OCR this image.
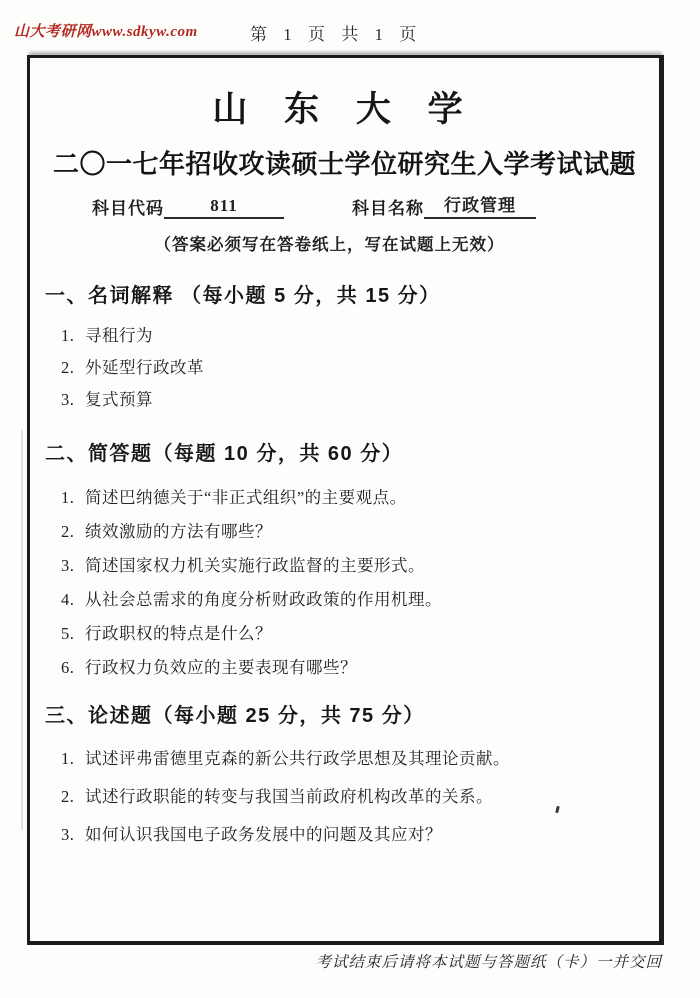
山大考研网www.sdkyw.com	第 1 页 共 1 页
山 东 大 学
二〇一七年招收攻读硕士学位研究生入学考试试题
科目代码	811	科目名称 行政管理
（答案必须写在答卷纸上，写在试题上无效）
一、名词解释 （每小题 5 分，共 15 分）
1. 寻租行为
2. 外延型行政改革
3. 复式预算
二、简答题（每题 10 分，共 60 分）
1. 简述巴纳德关于“非正式组织”的主要观点。
2. 绩效激励的方法有哪些？
3. 简述国家权力机关实施行政监督的主要形式。
4. 从社会总需求的角度分析财政政策的作用机理。
5. 行政职权的特点是什么？
6. 行政权力负效应的主要表现有哪些？
三、论述题（每小题 25 分，共 75 分）
1. 试述评弗雷德里克森的新公共行政学思想及其理论贡献。
2. 试述行政职能的转变与我国当前政府机构改革的关系。
3. 如何认识我国电子政务发展中的问题及其应对？
考试结束后请将本试题与答题纸（卡）一并交回
